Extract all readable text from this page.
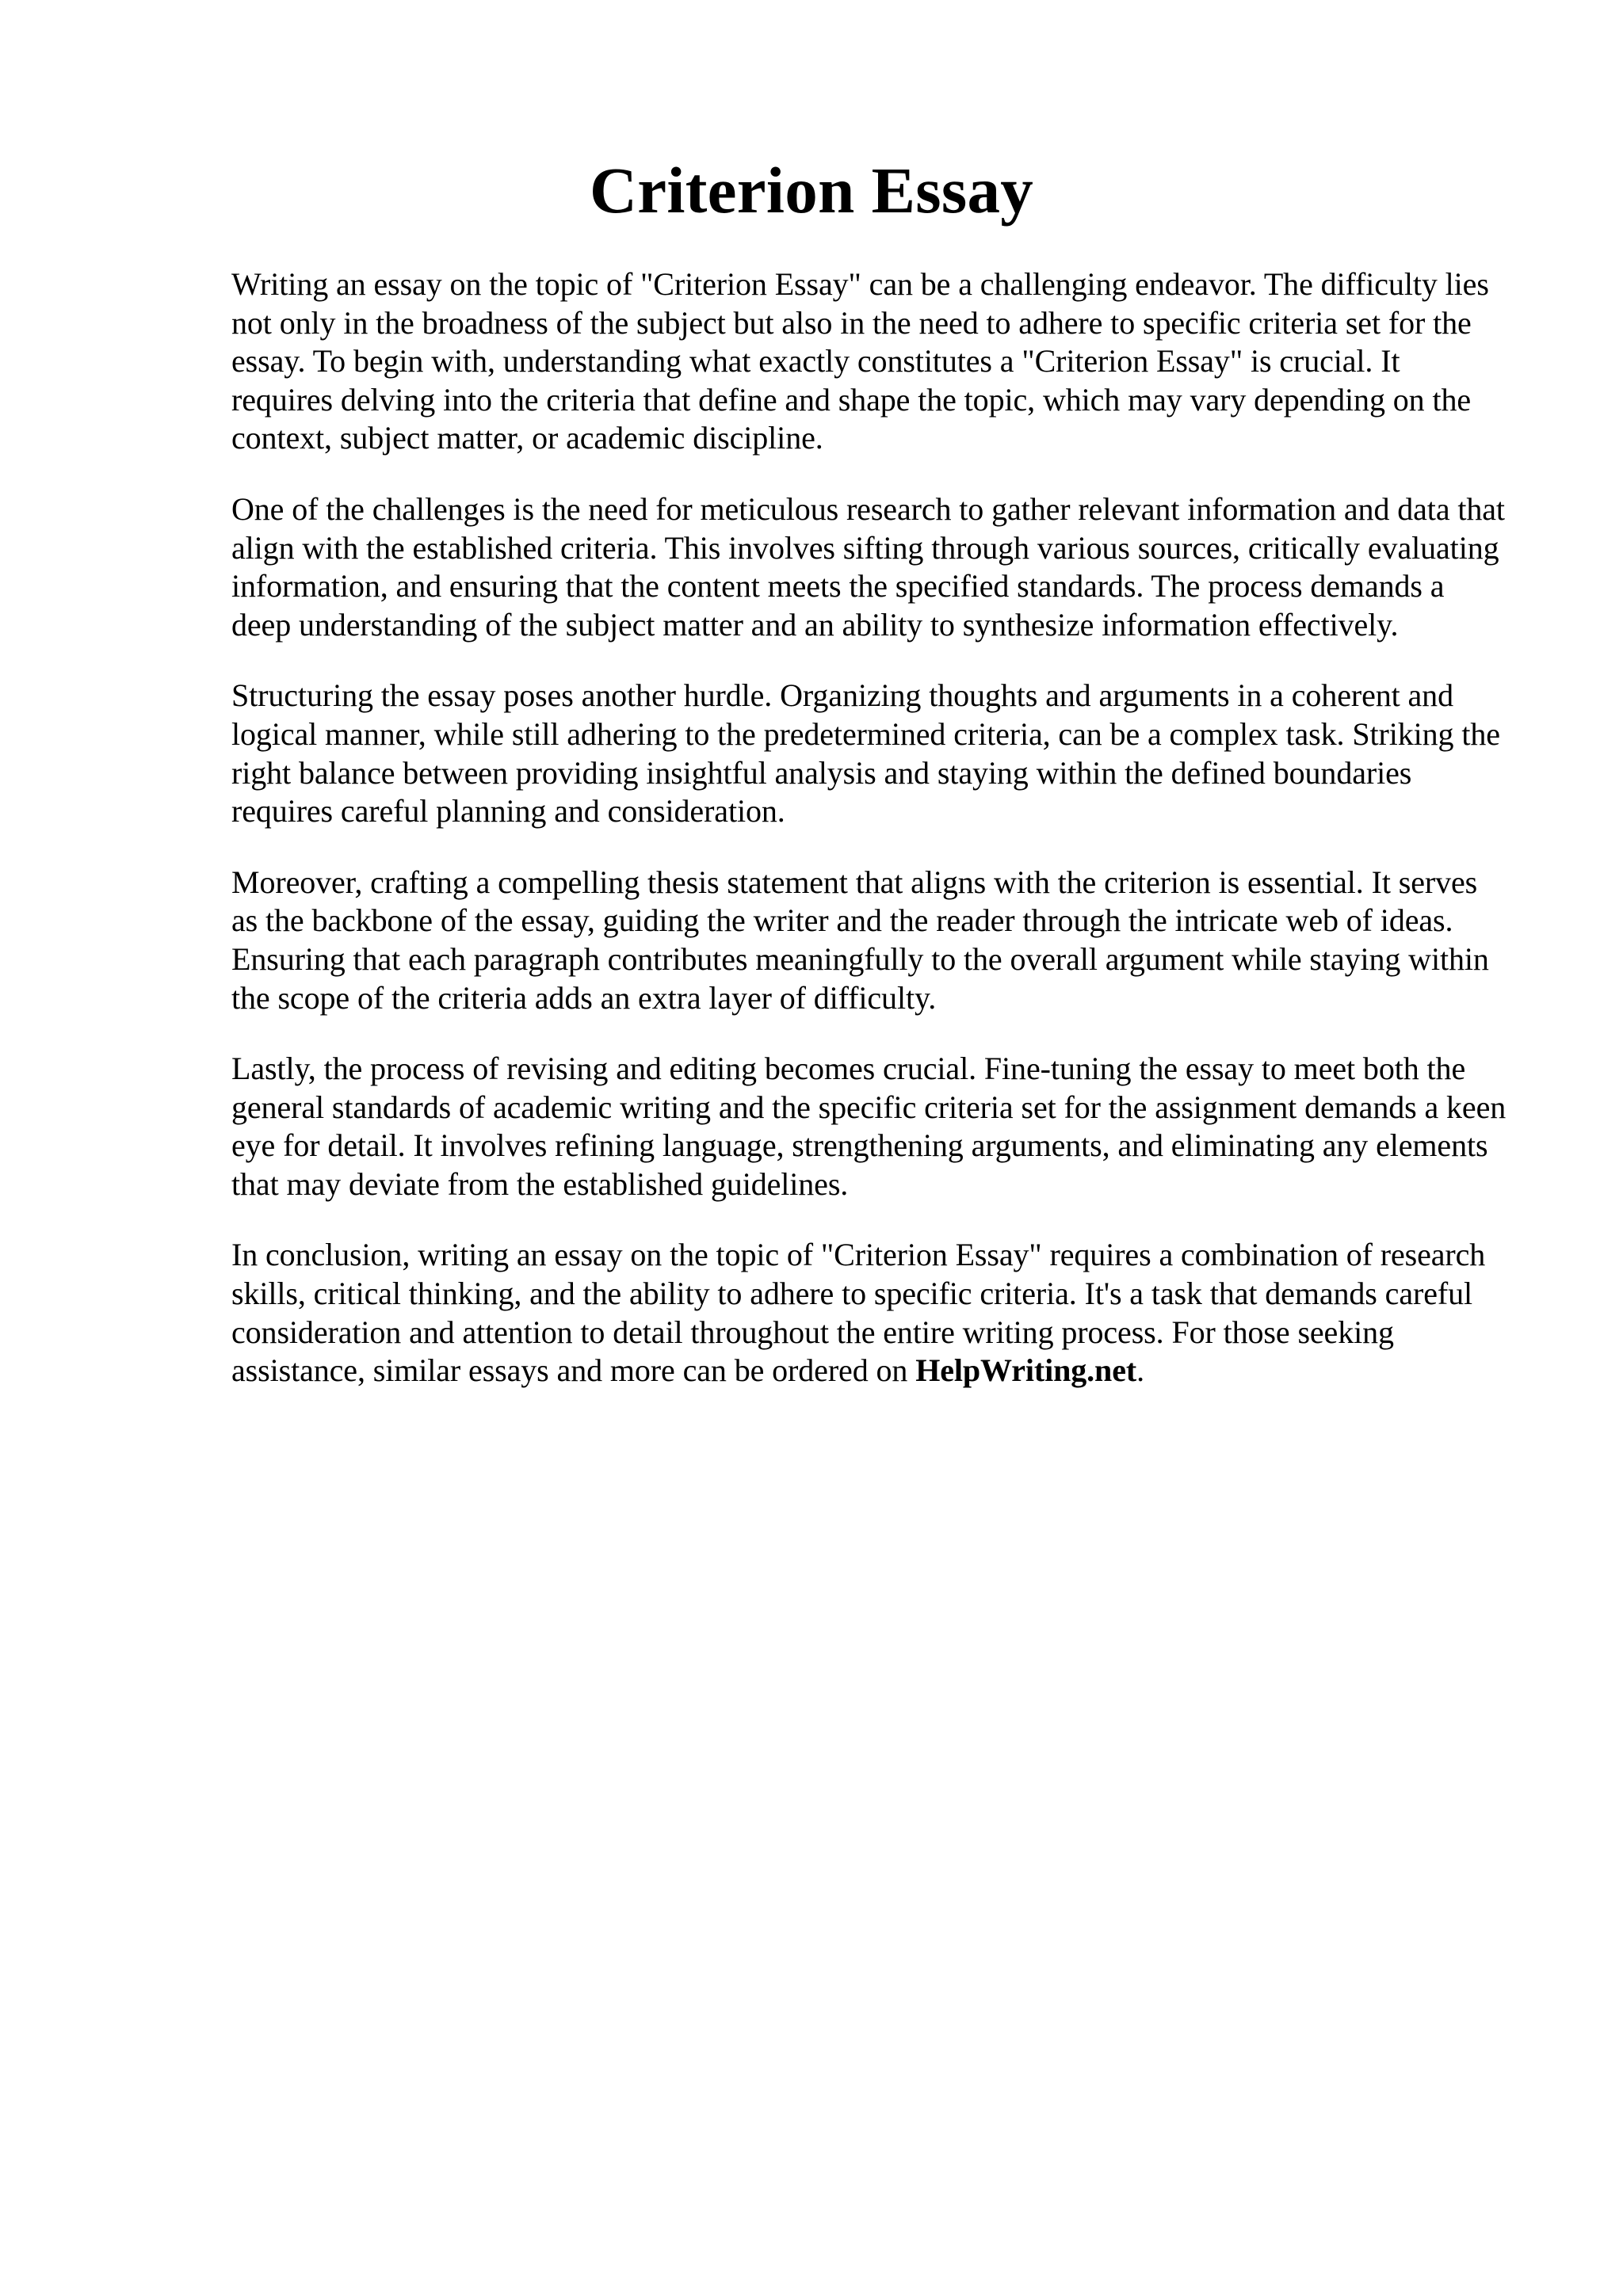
Criterion Essay

Writing an essay on the topic of "Criterion Essay" can be a challenging endeavor. The difficulty lies not only in the broadness of the subject but also in the need to adhere to specific criteria set for the essay. To begin with, understanding what exactly constitutes a "Criterion Essay" is crucial. It requires delving into the criteria that define and shape the topic, which may vary depending on the context, subject matter, or academic discipline.

One of the challenges is the need for meticulous research to gather relevant information and data that align with the established criteria. This involves sifting through various sources, critically evaluating information, and ensuring that the content meets the specified standards. The process demands a deep understanding of the subject matter and an ability to synthesize information effectively.

Structuring the essay poses another hurdle. Organizing thoughts and arguments in a coherent and logical manner, while still adhering to the predetermined criteria, can be a complex task. Striking the right balance between providing insightful analysis and staying within the defined boundaries requires careful planning and consideration.

Moreover, crafting a compelling thesis statement that aligns with the criterion is essential. It serves as the backbone of the essay, guiding the writer and the reader through the intricate web of ideas. Ensuring that each paragraph contributes meaningfully to the overall argument while staying within the scope of the criteria adds an extra layer of difficulty.

Lastly, the process of revising and editing becomes crucial. Fine-tuning the essay to meet both the general standards of academic writing and the specific criteria set for the assignment demands a keen eye for detail. It involves refining language, strengthening arguments, and eliminating any elements that may deviate from the established guidelines.

In conclusion, writing an essay on the topic of "Criterion Essay" requires a combination of research skills, critical thinking, and the ability to adhere to specific criteria. It's a task that demands careful consideration and attention to detail throughout the entire writing process. For those seeking assistance, similar essays and more can be ordered on HelpWriting.net.
